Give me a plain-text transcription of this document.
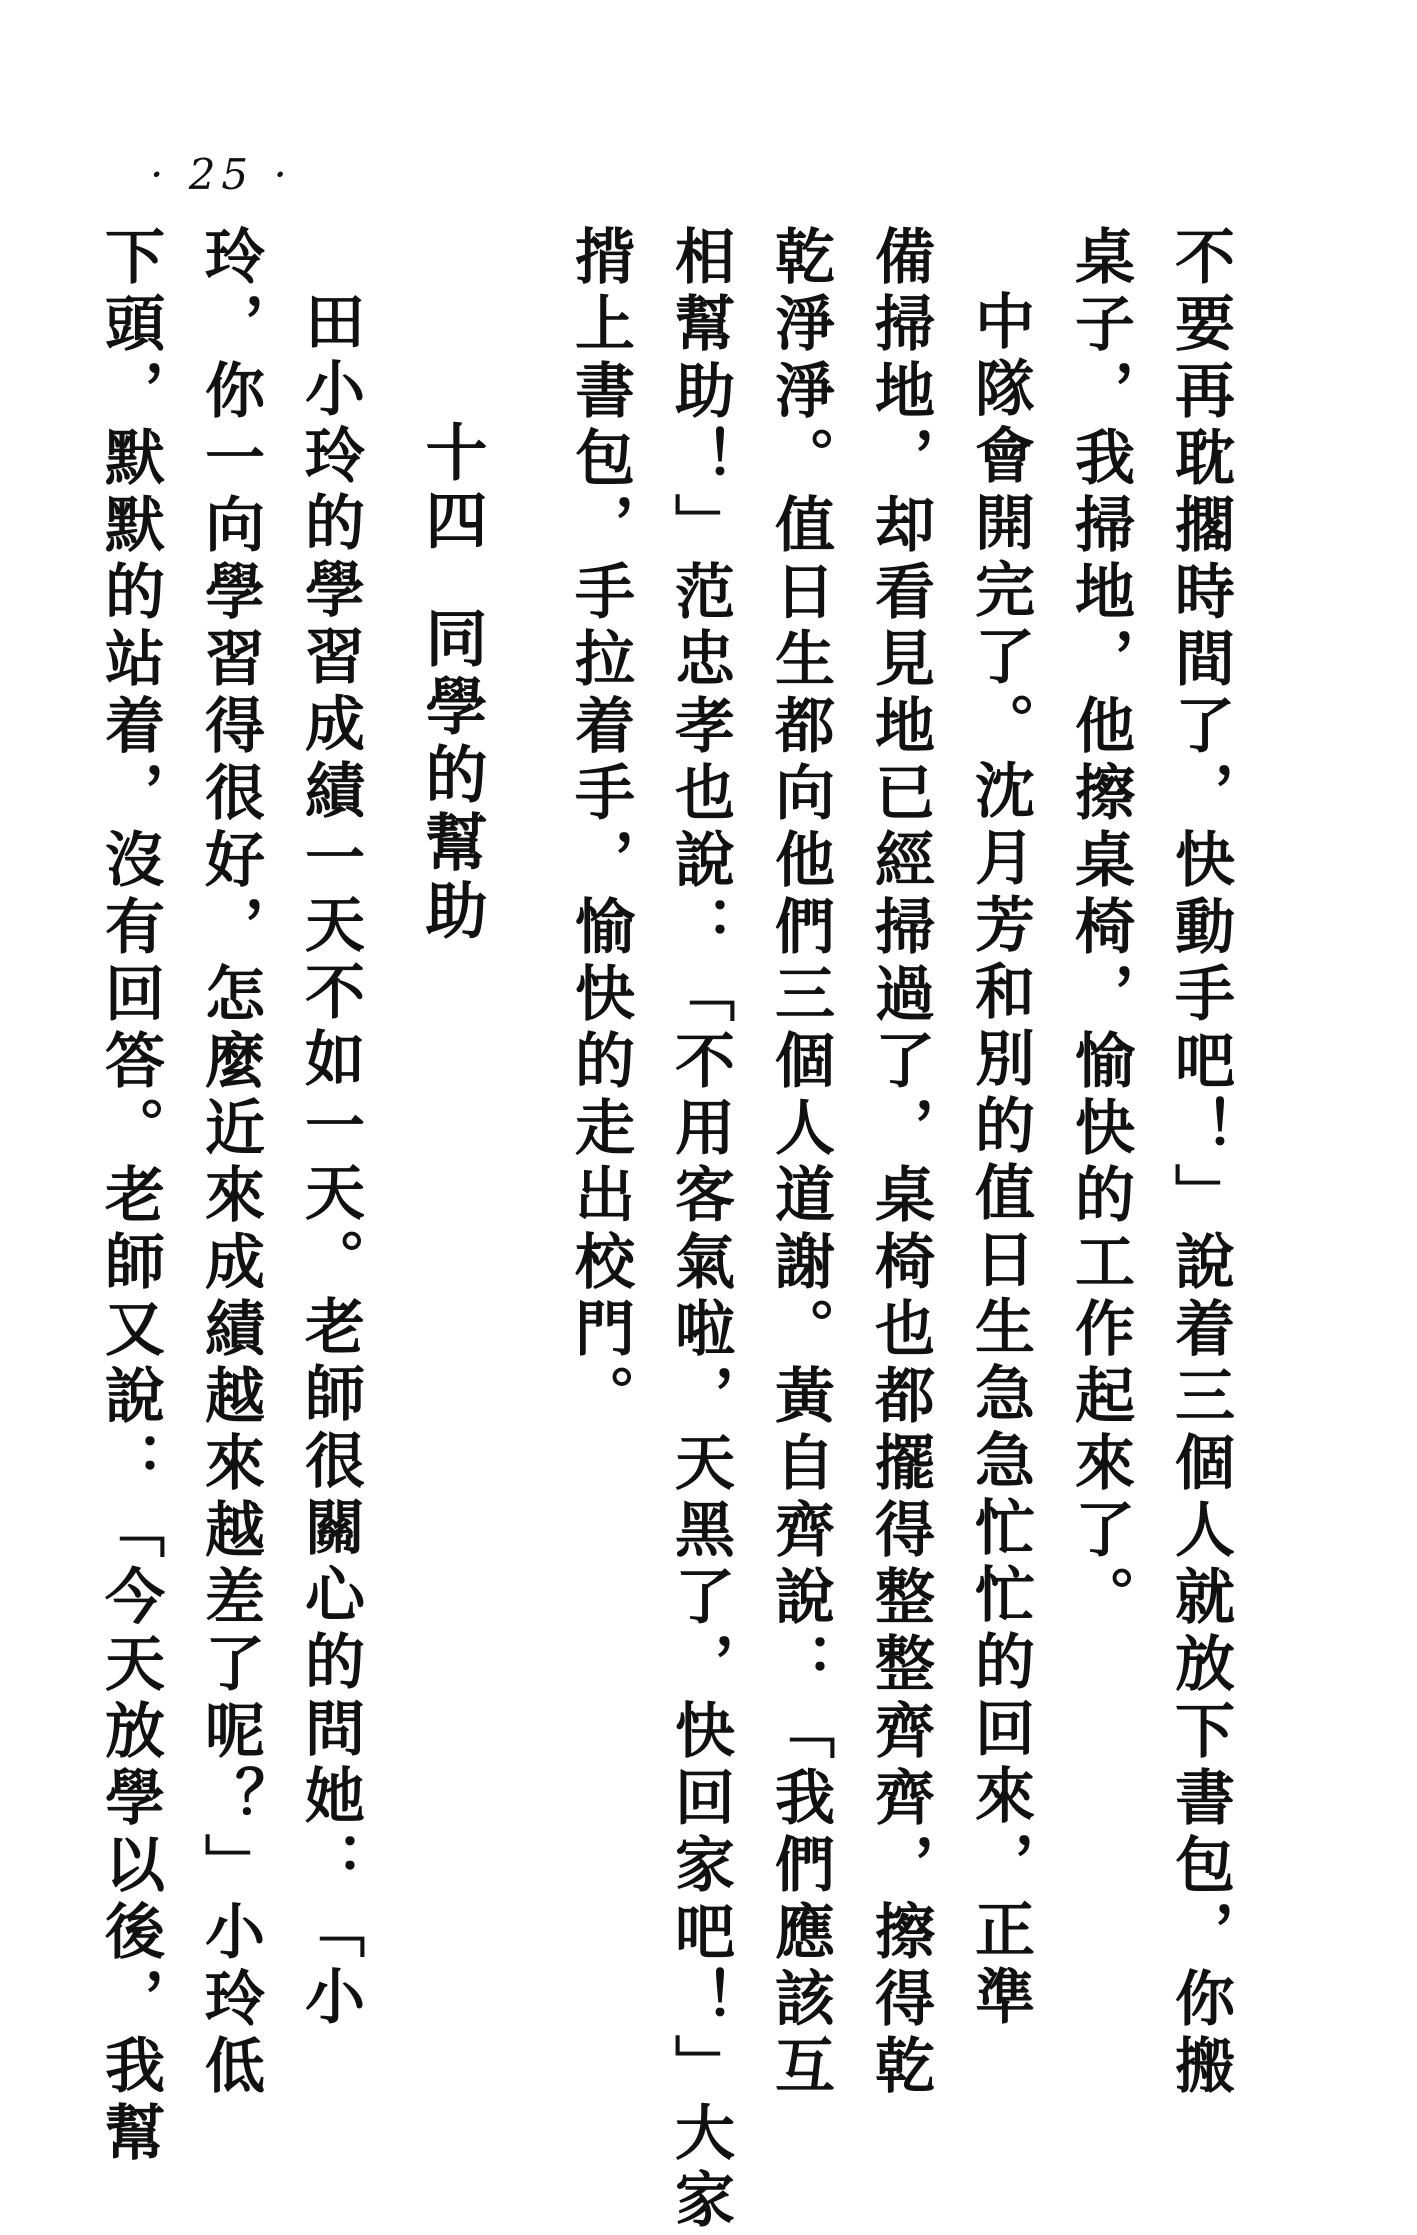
· 25 ·
不要再耽擱時間了，快動手吧！」說着三個人就放下書包，你搬
桌子，我掃地，他擦桌椅，愉快的工作起來了。
中隊會開完了。沈月芳和別的值日生急急忙忙的回來，正準
備掃地，却看見地已經掃過了，桌椅也都擺得整整齊齊，擦得乾
乾淨淨。值日生都向他們三個人道謝。黃自齊說：「我們應該互
相幫助！」范忠孝也說：「不用客氣啦，天黑了，快回家吧！」大家
揹上書包，手拉着手，愉快的走出校門。
十四同學的幫助
田小玲的學習成績一天不如一天。老師很關心的問她：「小
玲，你一向學習得很好，怎麼近來成績越來越差了呢？」小玲低
下頭，默默的站着，沒有回答。老師又說：「今天放學以後，我幫
